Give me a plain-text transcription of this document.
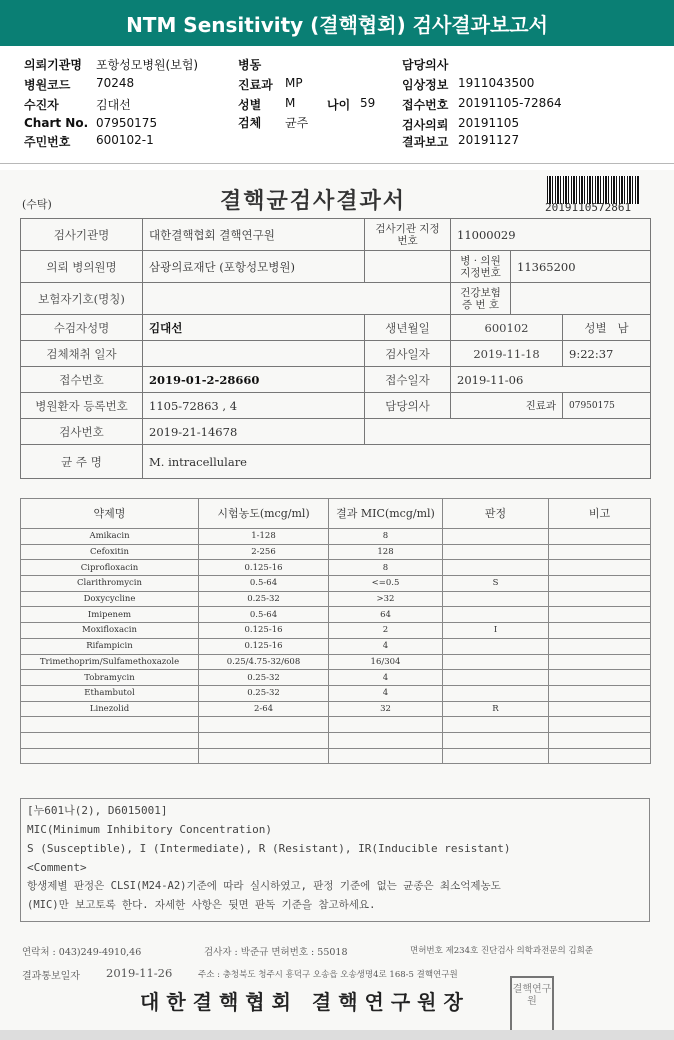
NTM Sensitivity (결핵협회) 검사결과보고서
의뢰기관명 포항성모병원(보험)
병원코드 70248
수진자	김대선
Chart No. 07950175
주민번호 600102-1
병동
진료과 MP
성별 M	나이 59
검체 균주
담당의사
임상정보 1911043500
접수번호 20191105-72864
검사의뢰 20191105
결과보고 20191127
(수탁)	결핵균검사결과서	2019110572861
검사기관명	대한결핵협회 결핵연구원	검사기관 지정번호	11000029		
의뢰 병의원명	삼광의료재단 (포항성모병원)		병 · 의원 지정번호	11365200	
보험자기호(명칭)			건강보험 증 번 호		
수검자성명	김대선	생년월일	600102		성별 남
검체채취 일자		검사일자	2019-11-18		9:22:37
접수번호	2019-01-2-28660	접수일자	2019-11-06		
병원환자 등록번호	1105-72863 , 4	담당의사	진료과		07950175
검사번호	2019-21-14678				
균 주 명	M. intracellulare				
약제명	시험농도(mcg/ml)	결과 MIC(mcg/ml)	판정	비고
Amikacin	1-128	8		
Cefoxitin	2-256	128		
Ciprofloxacin	0.125-16	8		
Clarithromycin	0.5-64	<=0.5	S	
Doxycycline	0.25-32	>32		
Imipenem	0.5-64	64		
Moxifloxacin	0.125-16	2	I	
Rifampicin	0.125-16	4		
Trimethoprim/Sulfamethoxazole	0.25/4.75-32/608	16/304		
Tobramycin	0.25-32	4		
Ethambutol	0.25-32	4		
Linezolid	2-64	32	R	

[누601나(2), D6015001]
MIC(Minimum Inhibitory Concentration)
S (Susceptible), I (Intermediate), R (Resistant), IR(Inducible resistant)
<Comment>
항생제별 판정은 CLSI(M24-A2)기준에 따라 실시하였고, 판정 기준에 없는 균종은 최소억제농도
(MIC)만 보고토록 한다. 자세한 사항은 뒷면 판독 기준을 참고하세요.
연락처 : 043)249-4910,46	검사자 : 박준규 면허번호 : 55018	면허번호 제234호 진단검사 의학과전문의 김희준
결과통보일자 2019-11-26	주소 : 충청북도 청주시 흥덕구 오송읍 오송생명4로 168-5 결핵연구원
대한결핵협회 결핵연구원장
결핵연구원
